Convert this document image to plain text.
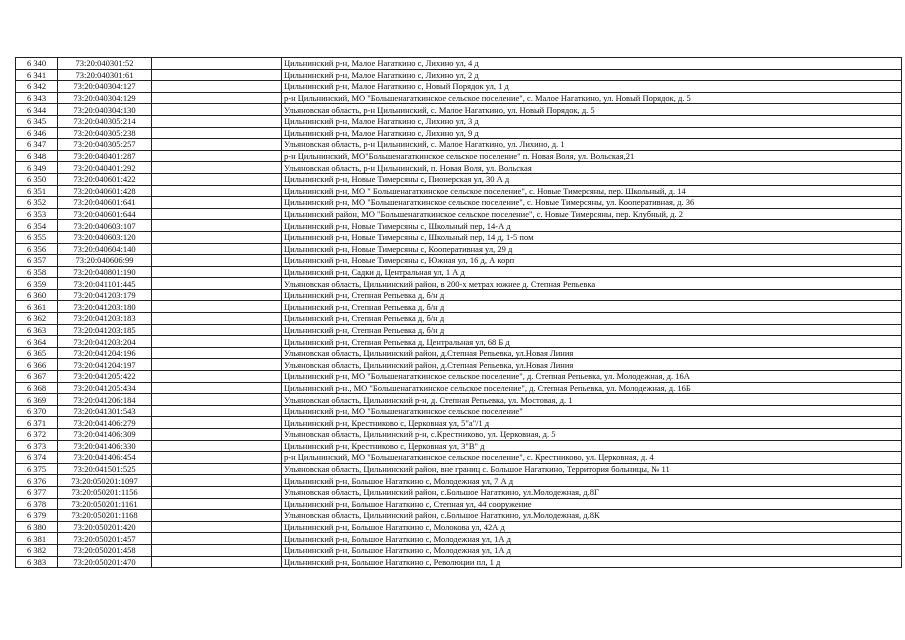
6 340	73:20:040301:52		Цильнинский р-н, Малое Нагаткино с, Лихино ул, 4 д
6 341	73:20:040301:61		Цильнинский р-н, Малое Нагаткино с, Лихино ул, 2 д
6 342	73:20:040304:127		Цильнинский р-н, Малое Нагаткино с, Новый Порядок ул, 1 д
6 343	73:20:040304:129		р-н Цильнинский, МО "Большенагаткинское сельское поселение", с. Малое Нагаткино, ул. Новый Порядок, д. 5
6 344	73:20:040304:130		Ульяновская область, р-н Цильнинский, с. Малое Нагаткино, ул. Новый Порядок, д. 5
6 345	73:20:040305:214		Цильнинский р-н, Малое Нагаткино с, Лихино ул, 3 д
6 346	73:20:040305:238		Цильнинский р-н, Малое Нагаткино с, Лихино ул, 9 д
6 347	73:20:040305:257		Ульяновская область, р-н Цильнинский, с. Малое Нагаткино, ул. Лихино, д. 1
6 348	73:20:040401:287		р-н Цильнинский, МО"Большенагаткинское сельское поселение" п. Новая Воля, ул. Вольская,21
6 349	73:20:040401:292		Ульяновская область, р-н Цильнинский, п. Новая Воля, ул. Вольская
6 350	73:20:040601:422		Цильнинский р-н, Новые Тимерсяны с, Пионерская ул, 30 А д
6 351	73:20:040601:428		Цильнинский р-н, МО " Большенагаткинское сельское поселение", с. Новые Тимерсяны, пер. Школьный, д. 14
6 352	73:20:040601:641		Цильнинский р-н, МО "Большенагаткинское сельское поселение", с. Новые Тимерсяны, ул. Кооперативная, д. 36
6 353	73:20:040601:644		Цильнинский район, МО "Большенагаткинское сельское поселение", с. Новые Тимерсяны, пер. Клубный, д. 2
6 354	73:20:040603:107		Цильнинский р-н, Новые Тимерсяны с, Школьный пер, 14-А д
6 355	73:20:040603:120		Цильнинский р-н, Новые Тимерсяны с, Школьный пер, 14 д, 1-5 пом
6 356	73:20:040604:140		Цильнинский р-н, Новые Тимерсяны с, Кооперативная ул, 29 д
6 357	73:20:040606:99		Цильнинский р-н, Новые Тимерсяны с, Южная ул, 16 д, А корп
6 358	73:20:040801:190		Цильнинский р-н, Садки д, Центральная ул, 1 А д
6 359	73:20:041101:445		Ульяновская область, Цильнинский район, в 200-х метрах южнее д. Степная Репьевка
6 360	73:20:041203:179		Цильнинский р-н, Степная Репьевка д, б/н д
6 361	73:20:041203:180		Цильнинский р-н, Степная Репьевка д, б/н д
6 362	73:20:041203:183		Цильнинский р-н, Степная Репьевка д, б/н д
6 363	73:20:041203:185		Цильнинский р-н, Степная Репьевка д, б/н д
6 364	73:20:041203:204		Цильнинский р-н, Степная Репьевка д, Центральная ул, 68 Б д
6 365	73:20:041204:196		Ульяновская область, Цильнинский район, д.Степная Репьевка, ул.Новая Линия
6 366	73:20:041204:197		Ульяновская область, Цильнинский район, д.Степная Репьевка, ул.Новая Линия
6 367	73:20:041205:422		Цильнинский р-н, МО "Большенагаткинское сельское поселение", д. Степная Репьевка, ул. Молодежная, д. 16А
6 368	73:20:041205:434		Цильнинский р-н., МО "Большенагаткинское сельское поселение", д. Степная Репьевка, ул. Молодежная, д. 16Б
6 369	73:20:041206:184		Ульяновская область, Цильнинский р-н, д. Степная Репьевка, ул. Мостовая, д. 1
6 370	73:20:041301:543		Цильнинский р-н, МО "Большенагаткинское сельское поселение"
6 371	73:20:041406:279		Цильнинский р-н, Крестниково с, Церковная ул, 5"а"/1 д
6 372	73:20:041406:309		Ульяновская область, Цильнинский р-н, с.Крестниково, ул. Церковная, д. 5
6 373	73:20:041406:330		Цильнинский р-н, Крестниково с, Церковная ул, 3"В" д
6 374	73:20:041406:454		р-н Цильнинский, МО "Большенагаткинское сельское поселение", с. Крестниково, ул. Церковная, д. 4
6 375	73:20:041501:525		Ульяновская область, Цильнинский район, вне границ с. Большое Нагаткино, Территория больницы, № 11
6 376	73:20:050201:1097		Цильнинский р-н, Большое Нагаткино с, Молодежная ул, 7 А д
6 377	73:20:050201:1156		Ульяновская область, Цильнинский район, с.Большое Нагаткино, ул.Молодежная, д.8Г
6 378	73:20:050201:1161		Цильнинский р-н, Большое Нагаткино с, Степная ул, 44 сооружение
6 379	73:20:050201:1168		Ульяновская область, Цильнинский район, с.Большое Нагаткино, ул.Молодежная, д.8К
6 380	73:20:050201:420		Цильнинский р-н, Большое Нагаткино с, Молокова ул, 42А д
6 381	73:20:050201:457		Цильнинский р-н, Большое Нагаткино с, Молодежная ул, 1А д
6 382	73:20:050201:458		Цильнинский р-н, Большое Нагаткино с, Молодежная ул, 1А д
6 383	73:20:050201:470		Цильнинский р-н, Большое Нагаткино с, Революции пл, 1 д
